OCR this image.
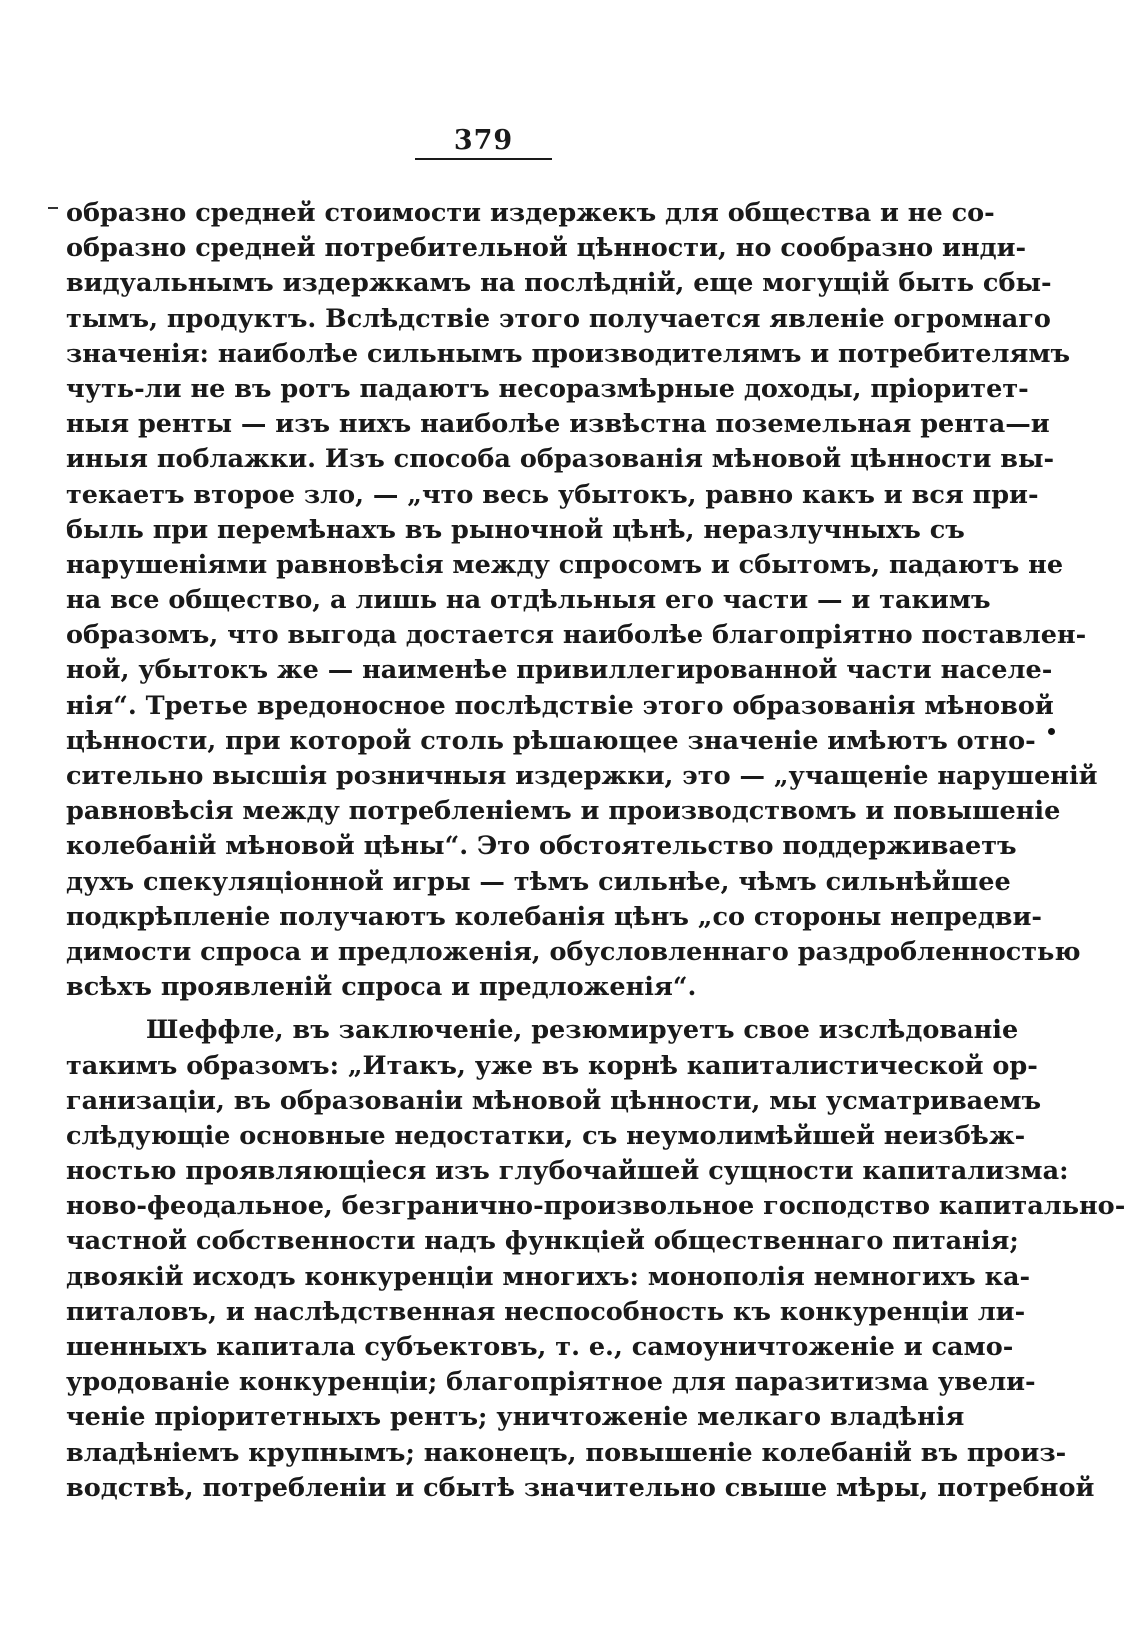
379
образно средней стоимости издержекъ для общества и не со-
образно средней потребительной цѣнности, но сообразно инди-
видуальнымъ издержкамъ на послѣдній, еще могущій быть сбы-
тымъ, продуктъ. Вслѣдствіе этого получается явленіе огромнаго
значенія: наиболѣе сильнымъ производителямъ и потребителямъ
чуть-ли не въ ротъ падаютъ несоразмѣрные доходы, пріоритет-
ныя ренты — изъ нихъ наиболѣе извѣстна поземельная рента—и
иныя поблажки. Изъ способа образованія мѣновой цѣнности вы-
текаетъ второе зло, — „что весь убытокъ, равно какъ и вся при-
быль при перемѣнахъ въ рыночной цѣнѣ, неразлучныхъ съ
нарушеніями равновѣсія между спросомъ и сбытомъ, падаютъ не
на все общество, а лишь на отдѣльныя его части — и такимъ
образомъ, что выгода достается наиболѣе благопріятно поставлен-
ной, убытокъ же — наименѣе привиллегированной части населе-
нія“. Третье вредоносное послѣдствіе этого образованія мѣновой
цѣнности, при которой столь рѣшающее значеніе имѣютъ отно-
сительно высшія розничныя издержки, это — „учащеніе нарушеній
равновѣсія между потребленіемъ и производствомъ и повышеніе
колебаній мѣновой цѣны“. Это обстоятельство поддерживаетъ
духъ спекуляціонной игры — тѣмъ сильнѣе, чѣмъ сильнѣйшее
подкрѣпленіе получаютъ колебанія цѣнъ „со стороны непредви-
димости спроса и предложенія, обусловленнаго раздробленностью
всѣхъ проявленій спроса и предложенія“.
Шеффле, въ заключеніе, резюмируетъ свое изслѣдованіе
такимъ образомъ: „Итакъ, уже въ корнѣ капиталистической ор-
ганизаціи, въ образованіи мѣновой цѣнности, мы усматриваемъ
слѣдующіе основные недостатки, съ неумолимѣйшей неизбѣж-
ностью проявляющіеся изъ глубочайшей сущности капитализма:
ново-феодальное, безгранично-произвольное господство капитально-
частной собственности надъ функціей общественнаго питанія;
двоякій исходъ конкуренціи многихъ: монополія немногихъ ка-
питаловъ, и наслѣдственная неспособность къ конкуренціи ли-
шенныхъ капитала субъектовъ, т. е., самоуничтоженіе и само-
уродованіе конкуренціи; благопріятное для паразитизма увели-
ченіе пріоритетныхъ рентъ; уничтоженіе мелкаго владѣнія
владѣніемъ крупнымъ; наконецъ, повышеніе колебаній въ произ-
водствѣ, потребленіи и сбытѣ значительно свыше мѣры, потребной
